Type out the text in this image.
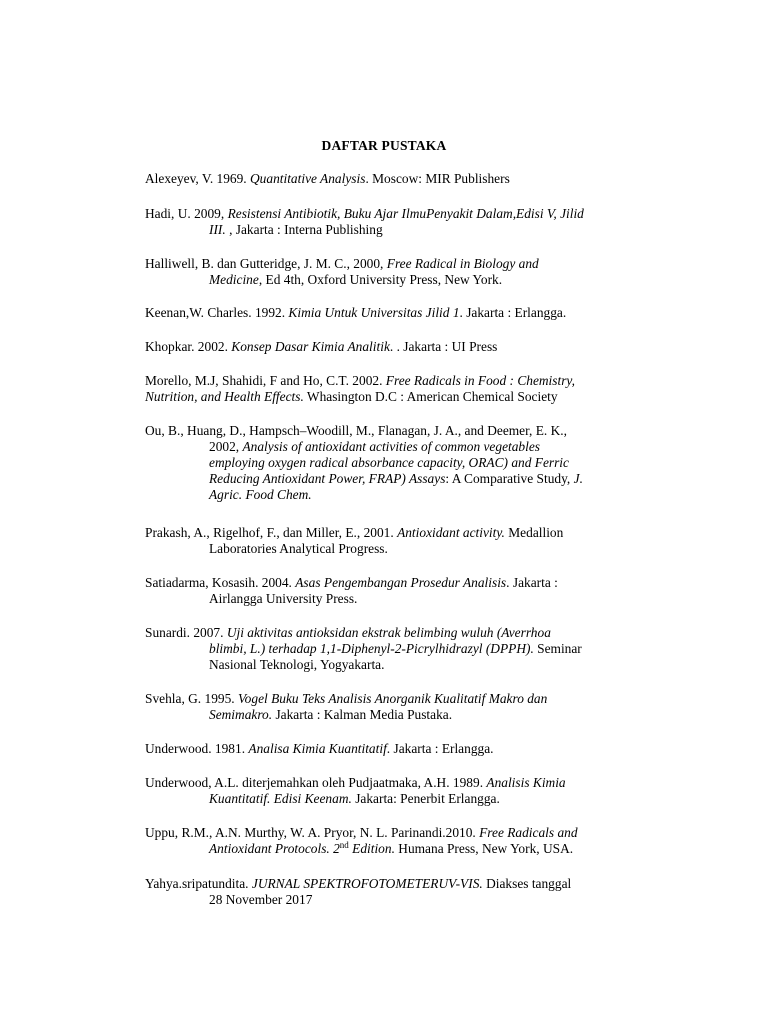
DAFTAR PUSTAKA
Alexeyev, V. 1969. Quantitative Analysis. Moscow: MIR Publishers
Hadi, U. 2009, Resistensi Antibiotik, Buku Ajar IlmuPenyakit Dalam,Edisi V, Jilid
III. , Jakarta : Interna Publishing
Halliwell, B. dan Gutteridge, J. M. C., 2000, Free Radical in Biology and
Medicine, Ed 4th, Oxford University Press, New York.
Keenan,W. Charles. 1992. Kimia Untuk Universitas Jilid 1. Jakarta : Erlangga.
Khopkar. 2002. Konsep Dasar Kimia Analitik. . Jakarta : UI Press
Morello, M.J, Shahidi, F and Ho, C.T. 2002. Free Radicals in Food : Chemistry,
Nutrition, and Health Effects. Whasington D.C : American Chemical Society
Ou, B., Huang, D., Hampsch–Woodill, M., Flanagan, J. A., and Deemer, E. K.,
2002, Analysis of antioxidant activities of common vegetables
employing oxygen radical absorbance capacity, ORAC) and Ferric
Reducing Antioxidant Power, FRAP) Assays: A Comparative Study, J.
Agric. Food Chem.
Prakash, A., Rigelhof, F., dan Miller, E., 2001. Antioxidant activity. Medallion
Laboratories Analytical Progress.
Satiadarma, Kosasih. 2004. Asas Pengembangan Prosedur Analisis. Jakarta :
Airlangga University Press.
Sunardi. 2007. Uji aktivitas antioksidan ekstrak belimbing wuluh (Averrhoa
blimbi, L.) terhadap 1,1-Diphenyl-2-Picrylhidrazyl (DPPH). Seminar
Nasional Teknologi, Yogyakarta.
Svehla, G. 1995. Vogel Buku Teks Analisis Anorganik Kualitatif Makro dan
Semimakro. Jakarta : Kalman Media Pustaka.
Underwood. 1981. Analisa Kimia Kuantitatif. Jakarta : Erlangga.
Underwood, A.L. diterjemahkan oleh Pudjaatmaka, A.H. 1989. Analisis Kimia
Kuantitatif. Edisi Keenam. Jakarta: Penerbit Erlangga.
Uppu, R.M., A.N. Murthy, W. A. Pryor, N. L. Parinandi.2010. Free Radicals and
Antioxidant Protocols. 2nd Edition. Humana Press, New York, USA.
Yahya.sripatundita. JURNAL SPEKTROFOTOMETERUV-VIS. Diakses tanggal
28 November 2017
